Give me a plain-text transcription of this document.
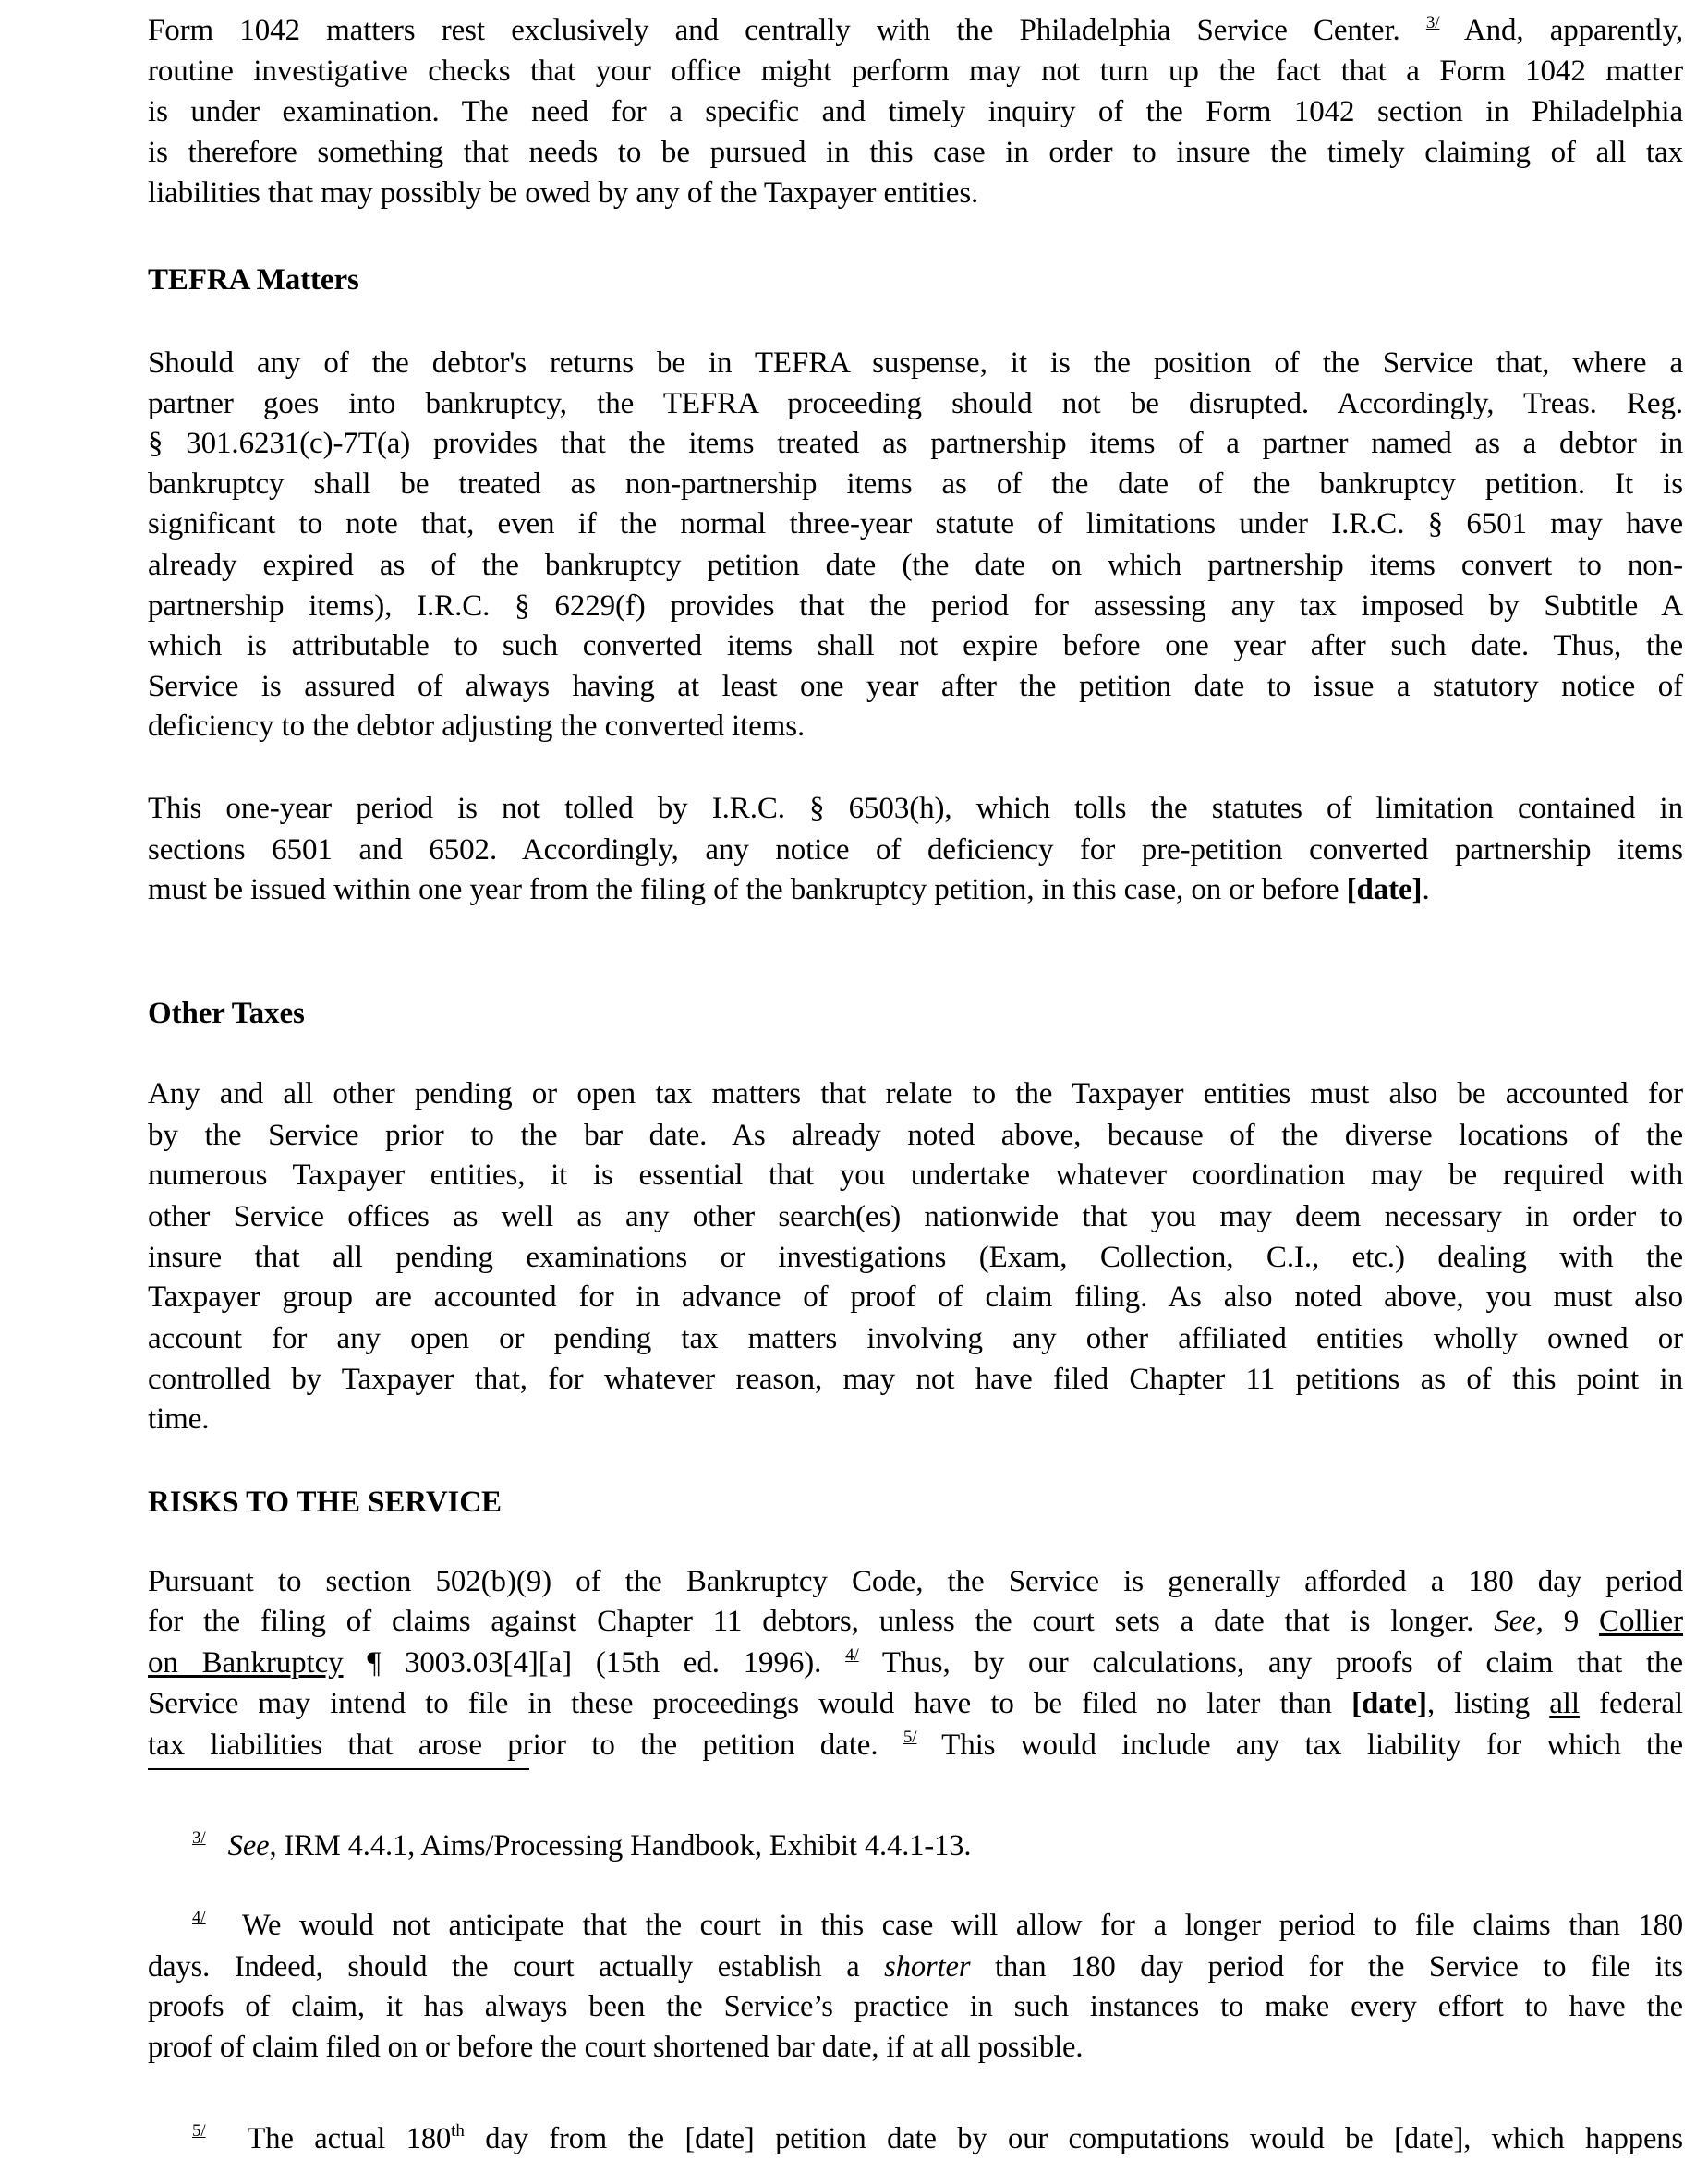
Form 1042 matters rest exclusively and centrally with the Philadelphia Service Center. $^{3/}$ And, apparently,
routine investigative checks that your office might perform may not turn up the fact that a Form 1042 matter
is under examination. The need for a specific and timely inquiry of the Form 1042 section in Philadelphia
is therefore something that needs to be pursued in this case in order to insure the timely claiming of all tax
liabilities that may possibly be owed by any of the Taxpayer entities.
TEFRA Matters
Should any of the debtor's returns be in TEFRA suspense, it is the position of the Service that, where a
partner goes into bankruptcy, the TEFRA proceeding should not be disrupted. Accordingly, Treas. Reg.
§ 301.6231(c)-7T(a) provides that the items treated as partnership items of a partner named as a debtor in
bankruptcy shall be treated as non-partnership items as of the date of the bankruptcy petition. It is
significant to note that, even if the normal three-year statute of limitations under I.R.C. § 6501 may have
already expired as of the bankruptcy petition date (the date on which partnership items convert to non-
partnership items), I.R.C. § 6229(f) provides that the period for assessing any tax imposed by Subtitle A
which is attributable to such converted items shall not expire before one year after such date. Thus, the
Service is assured of always having at least one year after the petition date to issue a statutory notice of
deficiency to the debtor adjusting the converted items.
This one-year period is not tolled by I.R.C. § 6503(h), which tolls the statutes of limitation contained in
sections 6501 and 6502. Accordingly, any notice of deficiency for pre-petition converted partnership items
must be issued within one year from the filing of the bankruptcy petition, in this case, on or before [date].
Other Taxes
Any and all other pending or open tax matters that relate to the Taxpayer entities must also be accounted for
by the Service prior to the bar date. As already noted above, because of the diverse locations of the
numerous Taxpayer entities, it is essential that you undertake whatever coordination may be required with
other Service offices as well as any other search(es) nationwide that you may deem necessary in order to
insure that all pending examinations or investigations (Exam, Collection, C.I., etc.) dealing with the
Taxpayer group are accounted for in advance of proof of claim filing. As also noted above, you must also
account for any open or pending tax matters involving any other affiliated entities wholly owned or
controlled by Taxpayer that, for whatever reason, may not have filed Chapter 11 petitions as of this point in
time.
RISKS TO THE SERVICE
Pursuant to section 502(b)(9) of the Bankruptcy Code, the Service is generally afforded a 180 day period
for the filing of claims against Chapter 11 debtors, unless the court sets a date that is longer. See, 9 Collier
on Bankruptcy ¶ 3003.03[4][a] (15th ed. 1996). $^{4/}$ Thus, by our calculations, any proofs of claim that the
Service may intend to file in these proceedings would have to be filed no later than [date], listing all federal
tax liabilities that arose prior to the petition date. $^{5/}$ This would include any tax liability for which the
$^{3/}$ See, IRM 4.4.1, Aims/Processing Handbook, Exhibit 4.4.1-13.
$^{4/}$ We would not anticipate that the court in this case will allow for a longer period to file claims than 180
days. Indeed, should the court actually establish a shorter than 180 day period for the Service to file its
proofs of claim, it has always been the Service’s practice in such instances to make every effort to have the
proof of claim filed on or before the court shortened bar date, if at all possible.
$^{5/}$ The actual 180th day from the [date] petition date by our computations would be [date], which happens
